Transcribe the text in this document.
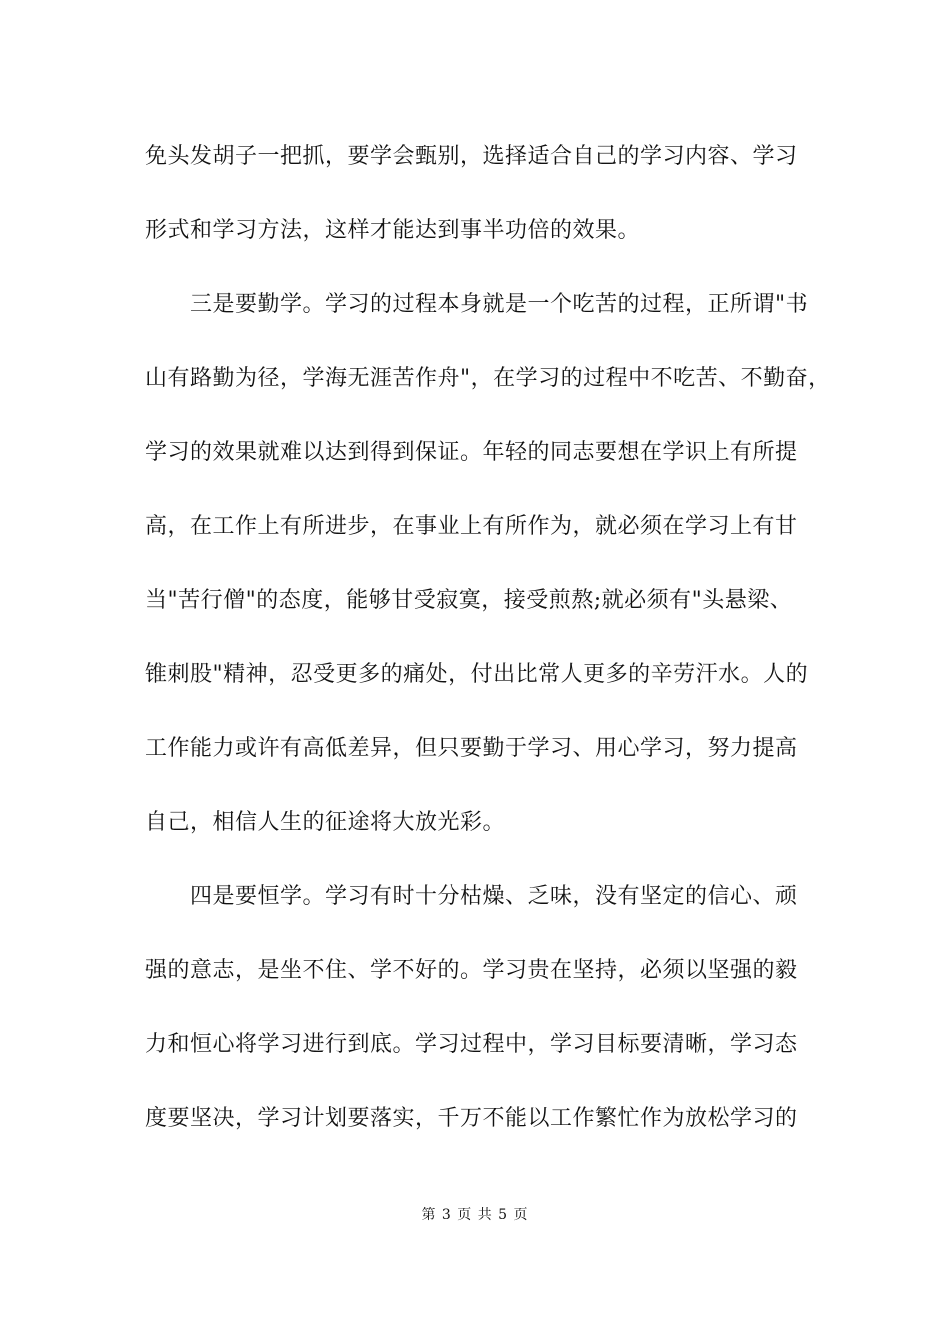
免头发胡子一把抓，要学会甄别，选择适合自己的学习内容、学习
形式和学习方法，这样才能达到事半功倍的效果。
三是要勤学。学习的过程本身就是一个吃苦的过程，正所谓"书
山有路勤为径，学海无涯苦作舟"，在学习的过程中不吃苦、不勤奋，
学习的效果就难以达到得到保证。年轻的同志要想在学识上有所提
高，在工作上有所进步，在事业上有所作为，就必须在学习上有甘
当"苦行僧"的态度，能够甘受寂寞，接受煎熬;就必须有"头悬梁、
锥刺股"精神，忍受更多的痛处，付出比常人更多的辛劳汗水。人的
工作能力或许有高低差异，但只要勤于学习、用心学习，努力提高
自己，相信人生的征途将大放光彩。
四是要恒学。学习有时十分枯燥、乏味，没有坚定的信心、顽
强的意志，是坐不住、学不好的。学习贵在坚持，必须以坚强的毅
力和恒心将学习进行到底。学习过程中，学习目标要清晰，学习态
度要坚决，学习计划要落实，千万不能以工作繁忙作为放松学习的
第 3 页 共 5 页
